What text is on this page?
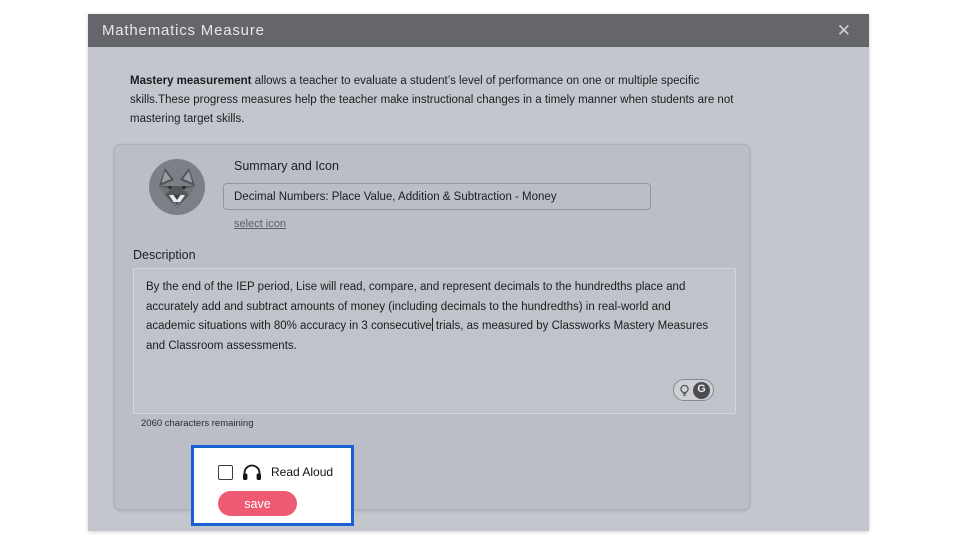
Mathematics Measure	✕
Mastery measurement allows a teacher to evaluate a student’s level of performance on one or multiple specific skills.These progress measures help the teacher make instructional changes in a timely manner when students are not mastering target skills.
Summary and Icon
Decimal Numbers: Place Value, Addition & Subtraction - Money
select icon
Description
By the end of the IEP period, Lise will read, compare, and represent decimals to the hundredths place and accurately add and subtract amounts of money (including decimals to the hundredths) in real-world and academic situations with 80% accuracy in 3 consecutive trials, as measured by Classworks Mastery Measures and Classroom assessments.
G
2060 characters remaining
Read Aloud
save
